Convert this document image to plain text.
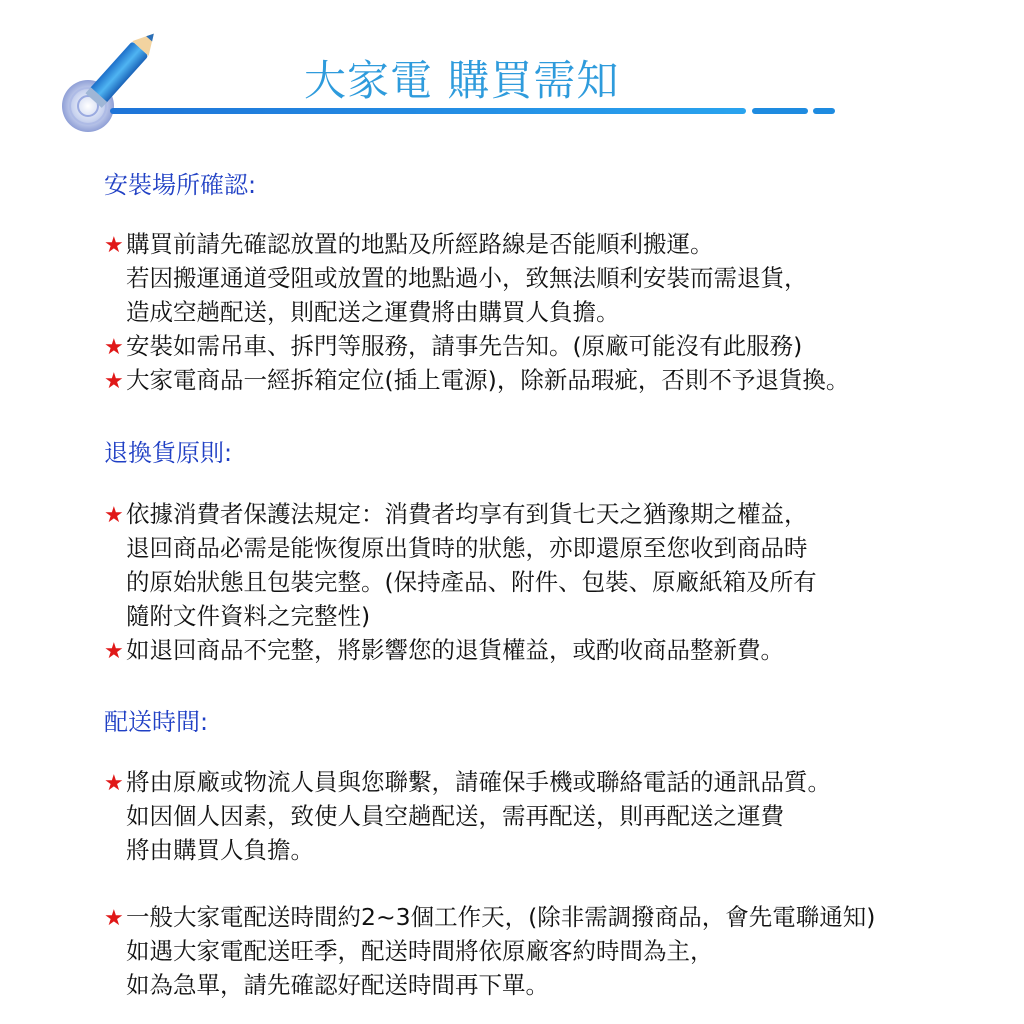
大家電 購買需知
安裝場所確認:
★ 購買前請先確認放置的地點及所經路線是否能順利搬運。
若因搬運通道受阻或放置的地點過小，致無法順利安裝而需退貨，
造成空趟配送，則配送之運費將由購買人負擔。
★ 安裝如需吊車、拆門等服務，請事先告知。(原廠可能沒有此服務)
★ 大家電商品一經拆箱定位(插上電源)，除新品瑕疵，否則不予退貨換。
退換貨原則:
★ 依據消費者保護法規定：消費者均享有到貨七天之猶豫期之權益，
退回商品必需是能恢復原出貨時的狀態，亦即還原至您收到商品時
的原始狀態且包裝完整。(保持產品、附件、包裝、原廠紙箱及所有
隨附文件資料之完整性)
★ 如退回商品不完整，將影響您的退貨權益，或酌收商品整新費。
配送時間:
★ 將由原廠或物流人員與您聯繫，請確保手機或聯絡電話的通訊品質。
如因個人因素，致使人員空趟配送，需再配送，則再配送之運費
將由購買人負擔。
★ 一般大家電配送時間約2~3個工作天，(除非需調撥商品，會先電聯通知)
如遇大家電配送旺季，配送時間將依原廠客約時間為主，
如為急單，請先確認好配送時間再下單。
